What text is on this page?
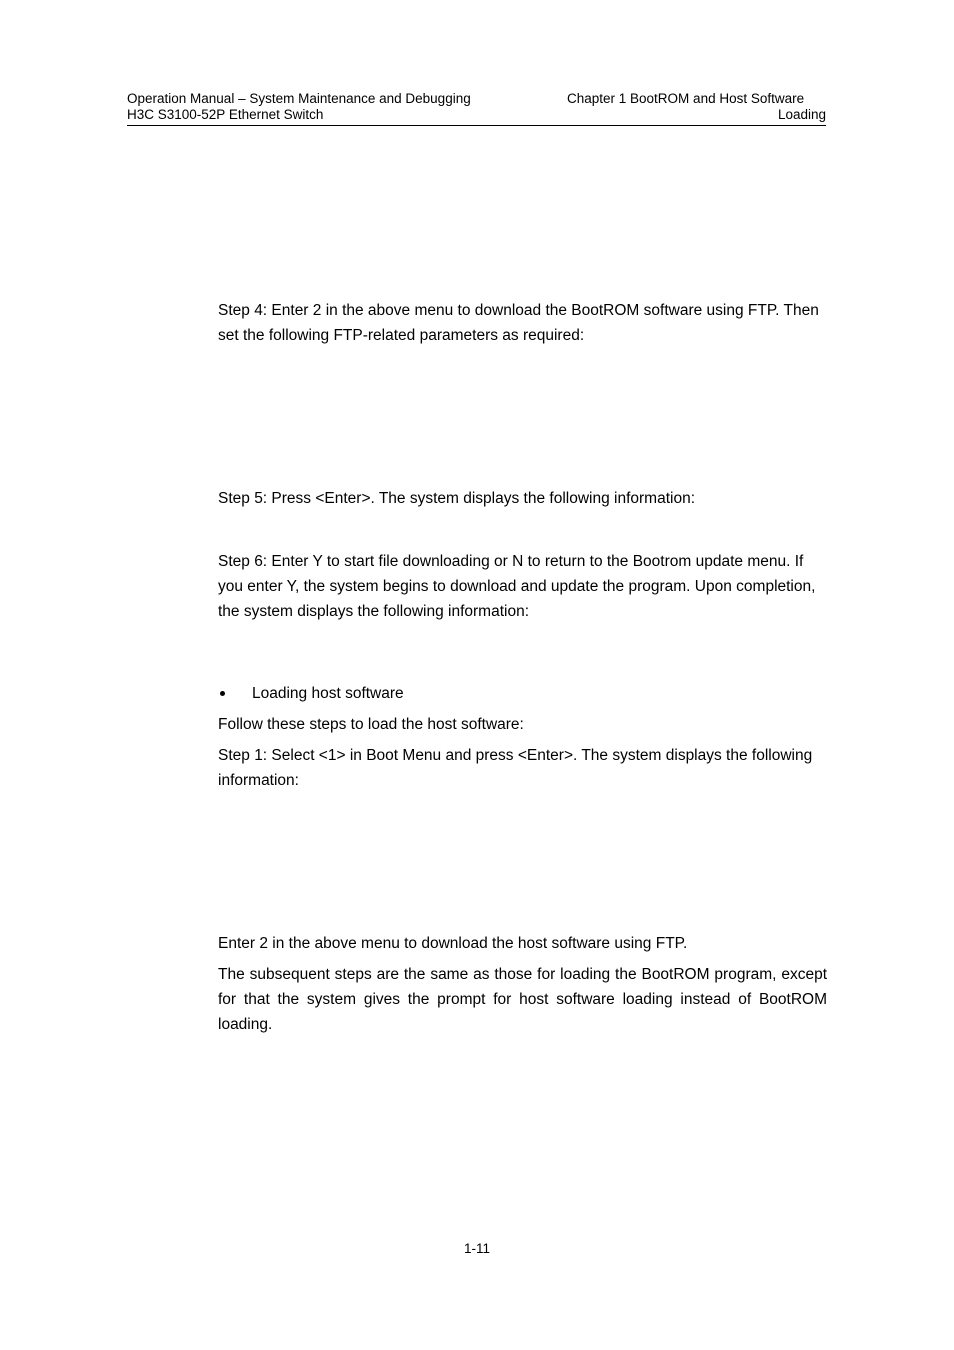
Operation Manual – System Maintenance and Debugging
H3C S3100-52P Ethernet Switch
Chapter 1 BootROM and Host Software
Loading
Step 4: Enter 2 in the above menu to download the BootROM software using FTP. Then set the following FTP-related parameters as required:
Step 5: Press <Enter>. The system displays the following information:
Step 6: Enter Y to start file downloading or N to return to the Bootrom update menu. If you enter Y, the system begins to download and update the program. Upon completion, the system displays the following information:
Loading host software
Follow these steps to load the host software:
Step 1: Select <1> in Boot Menu and press <Enter>. The system displays the following information:
Enter 2 in the above menu to download the host software using FTP.
The subsequent steps are the same as those for loading the BootROM program, except for that the system gives the prompt for host software loading instead of BootROM loading.
1-11
